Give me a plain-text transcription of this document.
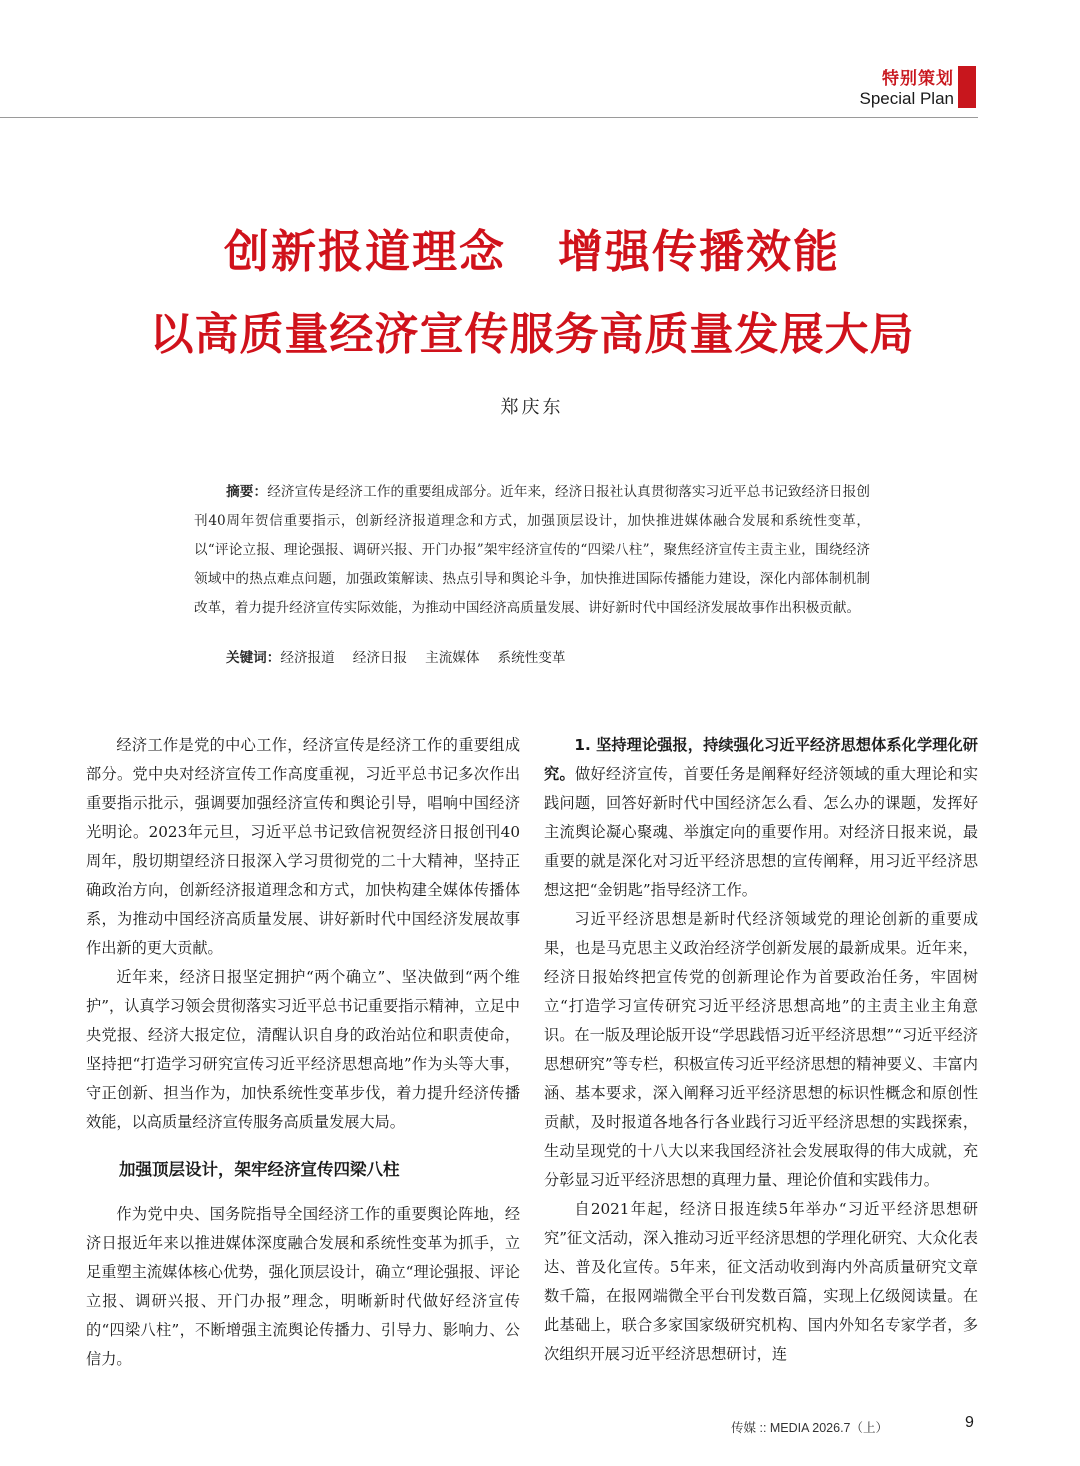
特别策划
Special Plan
创新报道理念 增强传播效能
以高质量经济宣传服务高质量发展大局
郑庆东
摘要：经济宣传是经济工作的重要组成部分。近年来，经济日报社认真贯彻落实习近平总书记致经济日报创刊40周年贺信重要指示，创新经济报道理念和方式，加强顶层设计，加快推进媒体融合发展和系统性变革，以“评论立报、理论强报、调研兴报、开门办报”架牢经济宣传的“四梁八柱”，聚焦经济宣传主责主业，围绕经济领域中的热点难点问题，加强政策解读、热点引导和舆论斗争，加快推进国际传播能力建设，深化内部体制机制改革，着力提升经济宣传实际效能，为推动中国经济高质量发展、讲好新时代中国经济发展故事作出积极贡献。
关键词：经济报道 经济日报 主流媒体 系统性变革

经济工作是党的中心工作，经济宣传是经济工作的重要组成部分。党中央对经济宣传工作高度重视，习近平总书记多次作出重要指示批示，强调要加强经济宣传和舆论引导，唱响中国经济光明论。2023年元旦，习近平总书记致信祝贺经济日报创刊40周年，殷切期望经济日报深入学习贯彻党的二十大精神，坚持正确政治方向，创新经济报道理念和方式，加快构建全媒体传播体系，为推动中国经济高质量发展、讲好新时代中国经济发展故事作出新的更大贡献。

近年来，经济日报坚定拥护“两个确立”、坚决做到“两个维护”，认真学习领会贯彻落实习近平总书记重要指示精神，立足中央党报、经济大报定位，清醒认识自身的政治站位和职责使命，坚持把“打造学习研究宣传习近平经济思想高地”作为头等大事，守正创新、担当作为，加快系统性变革步伐，着力提升经济传播效能，以高质量经济宣传服务高质量发展大局。

加强顶层设计，架牢经济宣传四梁八柱

作为党中央、国务院指导全国经济工作的重要舆论阵地，经济日报近年来以推进媒体深度融合发展和系统性变革为抓手，立足重塑主流媒体核心优势，强化顶层设计，确立“理论强报、评论立报、调研兴报、开门办报”理念，明晰新时代做好经济宣传的“四梁八柱”，不断增强主流舆论传播力、引导力、影响力、公信力。

1. 坚持理论强报，持续强化习近平经济思想体系化学理化研究。做好经济宣传，首要任务是阐释好经济领域的重大理论和实践问题，回答好新时代中国经济怎么看、怎么办的课题，发挥好主流舆论凝心聚魂、举旗定向的重要作用。对经济日报来说，最重要的就是深化对习近平经济思想的宣传阐释，用习近平经济思想这把“金钥匙”指导经济工作。

习近平经济思想是新时代经济领域党的理论创新的重要成果，也是马克思主义政治经济学创新发展的最新成果。近年来，经济日报始终把宣传党的创新理论作为首要政治任务，牢固树立“打造学习宣传研究习近平经济思想高地”的主责主业主角意识。在一版及理论版开设“学思践悟习近平经济思想”“习近平经济思想研究”等专栏，积极宣传习近平经济思想的精神要义、丰富内涵、基本要求，深入阐释习近平经济思想的标识性概念和原创性贡献，及时报道各地各行各业践行习近平经济思想的实践探索，生动呈现党的十八大以来我国经济社会发展取得的伟大成就，充分彰显习近平经济思想的真理力量、理论价值和实践伟力。

自2021年起，经济日报连续5年举办“习近平经济思想研究”征文活动，深入推动习近平经济思想的学理化研究、大众化表达、普及化宣传。5年来，征文活动收到海内外高质量研究文章数千篇，在报网端微全平台刊发数百篇，实现上亿级阅读量。在此基础上，联合多家国家级研究机构、国内外知名专家学者，多次组织开展习近平经济思想研讨，连

传媒 :: MEDIA 2026.7（上）	9
